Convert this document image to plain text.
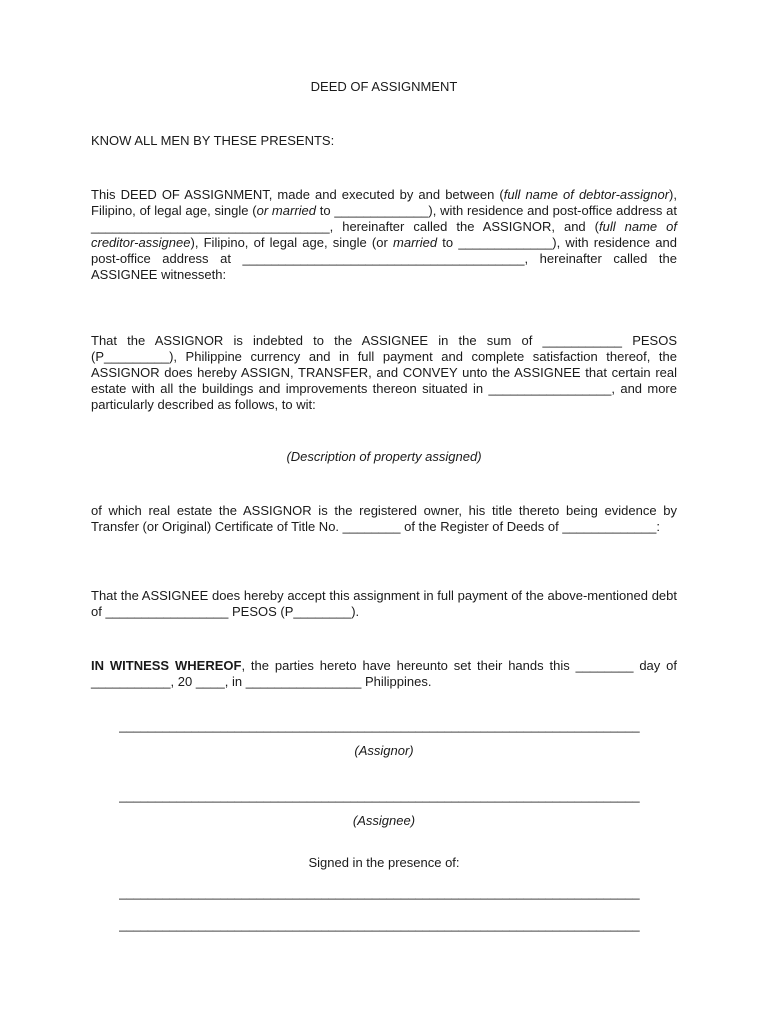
DEED OF ASSIGNMENT
KNOW ALL MEN BY THESE PRESENTS:

This DEED OF ASSIGNMENT, made and executed by and between (full name of debtor-assignor), Filipino, of legal age, single (or married to _____________), with residence and post-office address at _________________________________, hereinafter called the ASSIGNOR, and (full name of creditor-assignee), Filipino, of legal age, single (or married to _____________), with residence and post-office address at _______________________________________, hereinafter called the ASSIGNEE witnesseth:

That the ASSIGNOR is indebted to the ASSIGNEE in the sum of ___________ PESOS (P_________), Philippine currency and in full payment and complete satisfaction thereof, the ASSIGNOR does hereby ASSIGN, TRANSFER, and CONVEY unto the ASSIGNEE that certain real estate with all the buildings and improvements thereon situated in _________________, and more particularly described as follows, to wit:

(Description of property assigned)

of which real estate the ASSIGNOR is the registered owner, his title thereto being evidence by Transfer (or Original) Certificate of Title No. ________ of the Register of Deeds of _____________:

That the ASSIGNEE does hereby accept this assignment in full payment of the above-mentioned debt of _________________ PESOS (P________).

IN WITNESS WHEREOF, the parties hereto have hereunto set their hands this ________ day of ___________, 20 ____, in ________________ Philippines.

________________________________________________________________________

(Assignor)

________________________________________________________________________

(Assignee)

Signed in the presence of:

________________________________________________________________________
________________________________________________________________________
